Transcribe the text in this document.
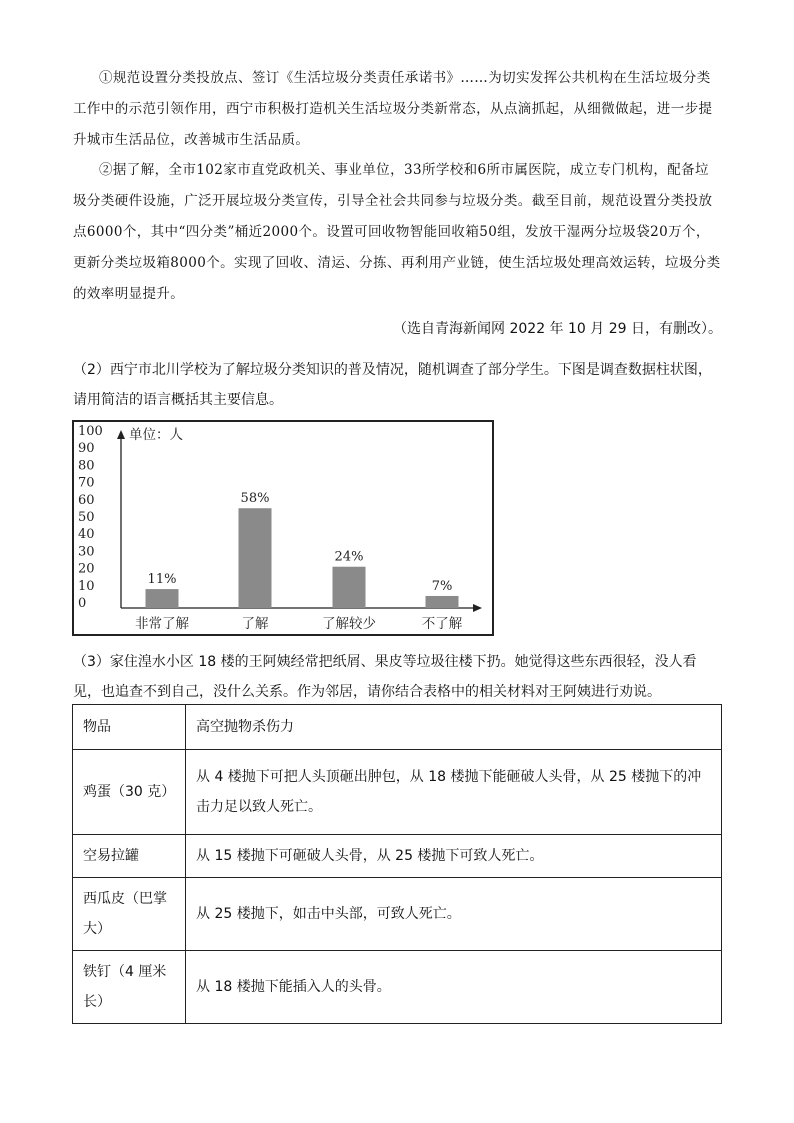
①规范设置分类投放点、签订《生活垃圾分类责任承诺书》……为切实发挥公共机构在生活垃圾分类工作中的示范引领作用，西宁市积极打造机关生活垃圾分类新常态，从点滴抓起，从细微做起，进一步提升城市生活品位，改善城市生活品质。

②据了解，全市102家市直党政机关、事业单位，33所学校和6所市属医院，成立专门机构，配备垃圾分类硬件设施，广泛开展垃圾分类宣传，引导全社会共同参与垃圾分类。截至目前，规范设置分类投放点6000个，其中“四分类”桶近2000个。设置可回收物智能回收箱50组，发放干湿两分垃圾袋20万个，更新分类垃圾箱8000个。实现了回收、清运、分拣、再利用产业链，使生活垃圾处理高效运转，垃圾分类的效率明显提升。

（选自青海新闻网 2022 年 10 月 29 日，有删改）。

（2）西宁市北川学校为了解垃圾分类知识的普及情况，随机调查了部分学生。下图是调查数据柱状图，请用简洁的语言概括其主要信息。

100
90
80
70
60
50
40
30
20
10
0
单位：人
11%
非常了解
58%
了解
24%
了解较少
7%
不了解

（3）家住湟水小区 18 楼的王阿姨经常把纸屑、果皮等垃圾往楼下扔。她觉得这些东西很轻，没人看见，也追查不到自己，没什么关系。作为邻居，请你结合表格中的相关材料对王阿姨进行劝说。

物品	高空抛物杀伤力
鸡蛋（30 克）	从 4 楼抛下可把人头顶砸出肿包，从 18 楼抛下能砸破人头骨，从 25 楼抛下的冲击力足以致人死亡。
空易拉罐	从 15 楼抛下可砸破人头骨，从 25 楼抛下可致人死亡。
西瓜皮（巴掌大）	从 25 楼抛下，如击中头部，可致人死亡。
铁钉（4 厘米长）	从 18 楼抛下能插入人的头骨。
